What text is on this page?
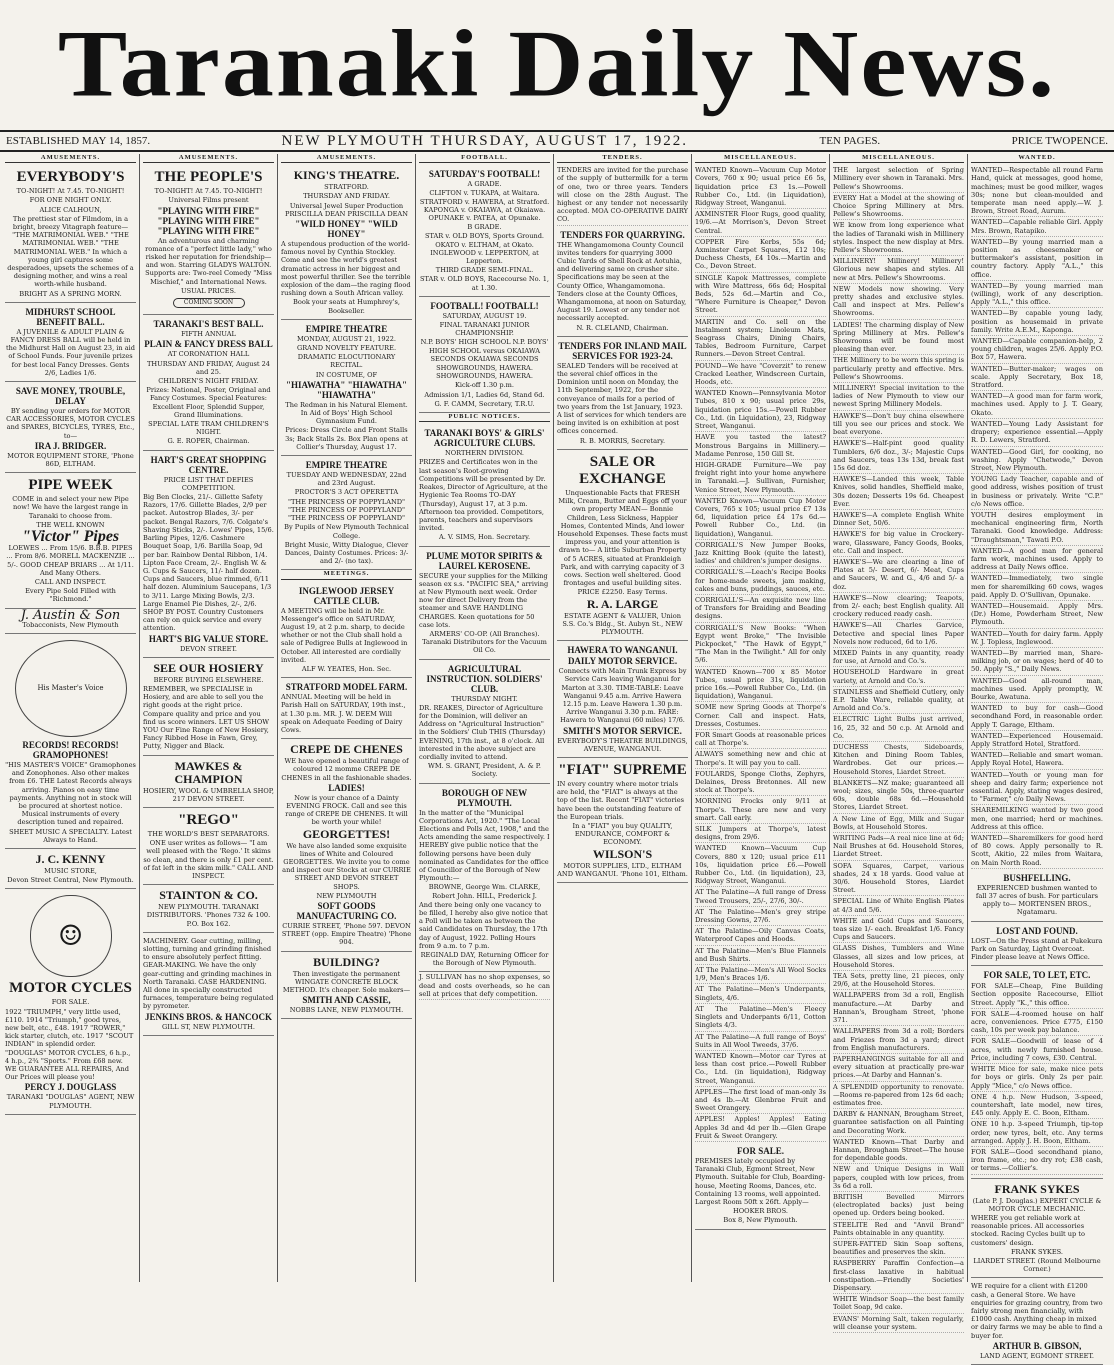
Taranaki Daily News.
ESTABLISHED MAY 14, 1857.	NEW PLYMOUTH THURSDAY, AUGUST 17, 1922.	TEN PAGES.	PRICE TWOPENCE.
AMUSEMENTS.
EVERYBODY'S

TO-NIGHT! At 7.45. TO-NIGHT!

FOR ONE NIGHT ONLY.

ALICE CALHOUN,

The prettiest star of Filmdom, in a bright, breezy Vitagraph feature— "THE MATRIMONIAL WEB." "THE MATRIMONIAL WEB." "THE MATRIMONIAL WEB." In which a young girl captures some desperadoes, upsets the schemes of a designing mother, and wins a real worth-while husband.

BRIGHT AS A SPRING MORN.

MIDHURST SCHOOL BENEFIT BALL.

A JUVENILE & ADULT PLAIN & FANCY DRESS BALL will be held in the Midhurst Hall on August 23, in aid of School Funds. Four juvenile prizes for best local Fancy Dresses. Gents 2/6, Ladies 1/6.

SAVE MONEY, TROUBLE, DELAY

BY sending your orders for MOTOR CAR ACCESSORIES, MOTOR CYCLES and SPARES, BICYCLES, TYRES, Etc., to—

IRA J. BRIDGER.

MOTOR EQUIPMENT STORE, 'Phone 86D, ELTHAM.

PIPE WEEK

COME in and select your new Pipe now! We have the largest range in Taranaki to choose from.

THE WELL KNOWN

"Victor" Pipes

LOEWES ... From 15/6. B.B.B. PIPES ... From 8/6. MORELL MACKENZIE ... 5/-. GOOD CHEAP BRIARS ... At 1/11. And Many Others.

CALL AND INSPECT.

Every Pipe Sold Filled with "Richmond."

J. Austin & Son

Tobacconists, New Plymouth

His Master's Voice
RECORDS! RECORDS! GRAMOPHONES!

"HIS MASTER'S VOICE" Gramophones and Zonophones. Also other makes from £6. THE Latest Records always arriving. Pianos on easy time payments. Anything not in stock will be procured at shortest notice. Musical instruments of every description tuned and repaired.

SHEET MUSIC A SPECIALTY. Latest Always to Hand.

J. C. KENNY

MUSIC STORE,

Devon Street Central, New Plymouth.

☺
MOTOR CYCLES

FOR SALE.

1922 "TRIUMPH," very little used, £110. 1914 "Triumph," good tyres, new belt, etc., £48. 1917 "ROWER," kick starter, clutch, etc. 1917 "SCOUT INDIAN" in splendid order. "DOUGLAS" MOTOR CYCLES, 6 h.p., 4 h.p., 2¾ "Sports." From £68 new. WE GUARANTEE ALL REPAIRS, And Our Prices will please you!

PERCY J. DOUGLASS

TARANAKI "DOUGLAS" AGENT, NEW PLYMOUTH.

AMUSEMENTS.
THE PEOPLE'S

TO-NIGHT! At 7.45. TO-NIGHT!

Universal Films present

"PLAYING WITH FIRE" "PLAYING WITH FIRE" "PLAYING WITH FIRE"

An adventurous and charming romance of a "perfect little lady," who risked her reputation for friendship—and won. Starring GLADYS WALTON. Supports are: Two-reel Comedy "Miss Mischief," and International News.

USUAL PRICES.

COMING SOON
TARANAKI'S BEST BALL.

FIFTH ANNUAL

PLAIN & FANCY DRESS BALL

AT CORONATION HALL

THURSDAY AND FRIDAY, August 24 and 25.

CHILDREN'S NIGHT FRIDAY.

Prizes: National, Poster, Original and Fancy Costumes. Special Features: Excellent Floor, Splendid Supper, Grand Illuminations.

SPECIAL LATE TRAM CHILDREN'S NIGHT.

G. E. ROPER, Chairman.

HART'S GREAT SHOPPING CENTRE.

PRICE LIST THAT DEFIES COMPETITION.

Big Ben Clocks, 21/-. Gillette Safety Razors, 17/6. Gillette Blades, 2/9 per packet. Autostrop Blades, 3/- per packet. Bengal Razors, 7/6. Colgate's Shaving Sticks, 2/-. Lowes' Pipes, 15/6. Barling Pipes, 12/6. Cashmere Bouquet Soap, 1/6. Barilla Soap, 9d per bar. Rainbow Dental Ribbon, 1/4. Lipton Face Cream, 2/-. English W. & G. Cups & Saucers, 11/- half dozen. Cups and Saucers, blue rimmed, 6/11 half dozen. Aluminium Saucepans, 1/3 to 3/11. Large Mixing Bowls, 2/3. Large Enamel Pie Dishes, 2/-, 2/6. SHOP BY POST. Country Customers can rely on quick service and every attention.

HART'S BIG VALUE STORE.

DEVON STREET.

SEE OUR HOSIERY

BEFORE BUYING ELSEWHERE.

REMEMBER, we SPECIALISE in Hosiery, and are able to sell you the right goods at the right price. Compare quality and price and you find us score winners. LET US SHOW YOU Our Fine Range of New Hosiery, Fancy Ribbed Hose in Fawn, Grey, Putty, Nigger and Black.

MAWKES & CHAMPION

HOSIERY, WOOL & UMBRELLA SHOP, 217 DEVON STREET.

"REGO"

THE WORLD'S BEST SEPARATORS.

ONE user writes as follows— "I am well pleased with the 'Rego.' It skims so clean, and there is only £1 per cent. of fat left in the skim milk." CALL AND INSPECT.

STAINTON & CO.

NEW PLYMOUTH. TARANAKI DISTRIBUTORS. 'Phones 732 & 100. P.O. Box 162.

MACHINERY. Gear cutting, milling, slotting, turning and grinding finished to ensure absolutely perfect fitting. GEAR-MAKING. We have the only gear-cutting and grinding machines in North Taranaki. CASE HARDENING. All done in specially constructed furnaces, temperature being regulated by pyrometer.

JENKINS BROS. & HANCOCK

GILL ST, NEW PLYMOUTH.

AMUSEMENTS.
KING'S THEATRE.

STRATFORD.

THURSDAY AND FRIDAY.

Universal Jewel Super Production PRISCILLA DEAN PRISCILLA DEAN

"WILD HONEY" "WILD HONEY"

A stupendous production of the world-famous novel by Cynthia Stockley. Come and see the world's greatest dramatic actress in her biggest and most powerful thriller. See the terrible explosion of the dam—the raging flood rushing down a South African valley.

Book your seats at Humphrey's, Bookseller.

EMPIRE THEATRE

MONDAY, AUGUST 21, 1922.

GRAND NOVELTY FEATURE.

DRAMATIC ELOCUTIONARY RECITAL.

IN COSTUME, OF

"HIAWATHA" "HIAWATHA" "HIAWATHA"

The Redman in his Natural Element. In Aid of Boys' High School Gymnasium Fund.

Prices: Dress Circle and Front Stalls 3s; Back Stalls 2s. Box Plan opens at Collier's Thursday, August 17.

EMPIRE THEATRE

TUESDAY AND WEDNESDAY, 22nd and 23rd August.

PROCTOR'S 3 ACT OPERETTA

"THE PRINCESS OF POPPYLAND" "THE PRINCESS OF POPPYLAND" "THE PRINCESS OF POPPYLAND"

By Pupils of New Plymouth Technical College.

Bright Music, Witty Dialogue, Clever Dances, Dainty Costumes. Prices: 3/- and 2/- (no tax).

MEETINGS.
INGLEWOOD JERSEY CATTLE CLUB.

A MEETING will be held in Mr. Messenger's office on SATURDAY, August 19, at 2 p.m. sharp, to decide whether or not the Club shall hold a sale of Pedigree Bulls at Inglewood in October. All interested are cordially invited.

ALF W. YEATES, Hon. Sec.

STRATFORD MODEL FARM.

ANNUAL Meeting will be held in Parish Hall on SATURDAY, 19th inst., at 1.30 p.m. MR. J. W. DEEM Will speak on Adequate Feeding of Dairy Cows.

CREPE DE CHENES

WE have opened a beautiful range of coloured 12 momme CREPE DE CHENES in all the fashionable shades.

LADIES!

Now is your chance of a Dainty EVENING FROCK. Call and see this range of CREPE DE CHENES. It will be worth your while!

GEORGETTES!

We have also landed some exquisite lines of White and Coloured GEORGETTES. We invite you to come and inspect our Stocks at our CURRIE STREET AND DEVON STREET SHOPS.

NEW PLYMOUTH

SOFT GOODS MANUFACTURING CO.

CURRIE STREET, 'Phone 597. DEVON STREET (opp. Empire Theatre) 'Phone 904.

BUILDING?

Then investigate the permanent WINGATE CONCRETE BLOCK METHOD. It's cheaper. Sole makers—

SMITH AND CASSIE,

NOBBS LANE, NEW PLYMOUTH.

FOOTBALL.
SATURDAY'S FOOTBALL!

A GRADE.

CLIFTON v. TUKAPA, at Waitara. STRATFORD v. HAWERA, at Stratford. KAPONGA v. OKAIAWA, at Okaiawa. OPUNAKE v. PATEA, at Opunake.

B GRADE.

STAR v. OLD BOYS, Sports Ground. OKATO v. ELTHAM, at Okato. INGLEWOOD v. LEPPERTON, at Lepperton.

THIRD GRADE SEMI-FINAL.

STAR v. OLD BOYS, Racecourse No. 1, at 1.30.

FOOTBALL! FOOTBALL!

SATURDAY, AUGUST 19.

FINAL TARANAKI JUNIOR CHAMPIONSHIP.

N.P. BOYS' HIGH SCHOOL N.P. BOYS' HIGH SCHOOL versus OKAIAWA SECONDS OKAIAWA SECONDS

SHOWGROUNDS, HAWERA. SHOWGROUNDS, HAWERA.

Kick-off 1.30 p.m.

Admission 1/1, Ladies 6d, Stand 6d.

G. F. CAMM, Secretary, T.R.U.

PUBLIC NOTICES.
TARANAKI BOYS' & GIRLS' AGRICULTURE CLUBS.

NORTHERN DIVISION.

PRIZES and Certificates won in the last season's Root-growing Competitions will be presented by Dr. Reakes, Director of Agriculture, at the Hygienic Tea Rooms TO-DAY (Thursday), August 17, at 3 p.m. Afternoon tea provided. Competitors, parents, teachers and supervisors invited.

A. V. SIMS, Hon. Secretary.

PLUME MOTOR SPIRITS & LAUREL KEROSENE.

SECURE your supplies for the Milking season ex s.s. "PACIFIC SEA," arriving at New Plymouth next week. Order now for direct Delivery from the steamer and SAVE HANDLING CHARGES. Keen quotations for 50 case lots.

ARMERS' CO-OP. (All Branches). Taranaki Distributors for the Vacuum Oil Co.

AGRICULTURAL INSTRUCTION. SOLDIERS' CLUB.

THURSDAY NIGHT.

DR. REAKES, Director of Agriculture for the Dominion, will deliver an Address on "Agricultural Instruction" in the Soldiers' Club THIS (Thursday) EVENING, 17th inst., at 8 o'clock. All interested in the above subject are cordially invited to attend.

WM. S. GRANT, President, A. & P. Society.

BOROUGH OF NEW PLYMOUTH.

In the matter of the "Municipal Corporations Act, 1920." "The Local Elections and Polls Act, 1908," and the Acts amending the same respectively. I HEREBY give public notice that the following persons have been duly nominated as Candidates for the office of Councillor of the Borough of New Plymouth:—

BROWNE, George Wm. CLARKE, Robert John. HILL, Frederick J.

And there being only one vacancy to be filled, I hereby also give notice that a Poll will be taken as between the said Candidates on Thursday, the 17th day of August, 1922. Polling Hours from 9 a.m. to 7 p.m.

REGINALD DAY, Returning Officer for the Borough of New Plymouth.

J. SULLIVAN has no shop expenses, so dead and costs overheads, so he can sell at prices that defy competition.
TENDERS.
TENDERS are invited for the purchase of the supply of buttermilk for a term of one, two or three years. Tenders will close on the 28th August. The highest or any tender not necessarily accepted. MOA CO-OPERATIVE DAIRY CO.
TENDERS FOR QUARRYING.

THE Whangamomona County Council invites tenders for quarrying 3000 Cubic Yards of Shell Rock at Aotuhia, and delivering same on crusher site. Specifications may be seen at the County Office, Whangamomona. Tenders close at the County Offices, Whangamomona, at noon on Saturday, August 19. Lowest or any tender not necessarily accepted.

N. R. CLELAND, Chairman.

TENDERS FOR INLAND MAIL SERVICES FOR 1923-24.

SEALED Tenders will be received at the several chief offices in the Dominion until noon on Monday, the 11th September, 1922, for the conveyance of mails for a period of two years from the 1st January, 1923. A list of services for which tenders are being invited is on exhibition at post offices concerned.

R. B. MORRIS, Secretary.

SALE OR EXCHANGE

Unquestionable Facts that FRESH Milk, Cream, Butter and Eggs off your own property MEAN— Bonnie Children, Less Sickness, Happier Homes, Contented Minds, And lower Household Expenses. These facts must impress you, and your attention is drawn to— A little Suburban Property of 5 ACRES, situated at Frankleigh Park, and with carrying capacity of 3 cows. Section well sheltered. Good frontages and useful building sites.

PRICE £2250. Easy Terms.

R. A. LARGE

ESTATE AGENT & VALUER, Union S.S. Co.'s Bldg., St. Aubyn St., NEW PLYMOUTH.

HAWERA TO WANGANUI.
DAILY MOTOR SERVICE.

Connects with Main Trunk Express by Service Cars leaving Wanganui for Marton at 3.30. TIME-TABLE: Leave Wanganui 9.45 a.m. Arrive Hawera 12.15 p.m. Leave Hawera 1.30 p.m. Arrive Wanganui 3.30 p.m. FARE: Hawera to Wanganui (60 miles) 17/6.

SMITH'S MOTOR SERVICE.

EVERYBODY'S THEATRE BUILDINGS, AVENUE, WANGANUI.

"FIAT" SUPREME

IN every country where motor trials are held, the "FIAT" is always at the top of the list. Recent "FIAT" victories have been the outstanding feature of the European trials.

In a "FIAT" you buy QUALITY, ENDURANCE, COMFORT & ECONOMY.

WILSON'S

MOTOR SUPPLIES, LTD., ELTHAM AND WANGANUI. 'Phone 101, Eltham.

MISCELLANEOUS.
WANTED Known—Vacuum Cup Motor Covers, 760 x 90; usual price £6 5s, liquidation price £3 1s.—Powell Rubber Co., Ltd. (in Liquidation), Ridgway Street, Wanganui.
AXMINSTER Floor Rugs, good quality, 19/6.—At Morrison's, Devon Street Central.
COPPER Fire Kerbs, 55s 6d; Axminster Carpet Squares, £12 10s; Duchess Chests, £4 10s.—Martin and Co., Devon Street.
SINGLE Kapok Mattresses, complete with Wire Mattress, 66s 6d; Hospital Beds, 52s 6d.—Martin and Co., "Where Furniture is Cheaper," Devon Street.
MARTIN and Co. sell on the Instalment system; Linoleum Mats, Seagrass Chairs, Dining Chairs, Tables, Bedroom Furniture, Carpet Runners.—Devon Street Central.
POUND—We have "Coverzit" to renew Cracked Leather, Windscreen Curtain, Hoods, etc.
WANTED Known—Pennsylvania Motor Tubes, 810 x 90; usual price 29s, liquidation price 15s.—Powell Rubber Co., Ltd. (in Liquidation), 23, Ridgway Street, Wanganui.
HAVE you tasted the latest? Monstrous Bargains in Millinery.—Madame Penrose, 150 Gill St.
HIGH-GRADE Furniture—We pay freight right into your home anywhere in Taranaki.—J. Sullivan, Furnisher, Venice Street, New Plymouth.
WANTED Known—Vacuum Cup Motor Covers, 765 x 105; usual price £7 13s 6d, liquidation price £4 17s 6d.—Powell Rubber Co., Ltd. (in liquidation), Wanganui.
CORRIGALL'S New Jumper Books, Jazz Knitting Book (quite the latest), ladies' and children's jumper designs.
CORRIGALL'S.—Leach's Recipe Books for home-made sweets, jam making, cakes and buns, puddings, sauces, etc.
CORRIGALL'S—An exquisite new line of Transfers for Braiding and Beading designs.
CORRIGALL'S New Books: "When Egypt went Broke," "The Invisible Pickpocket," "The Hawk of Egypt," "The Man in the Twilight." All for only 5/6.
WANTED Known—700 x 85 Motor Tubes, usual price 31s, liquidation price 16s.—Powell Rubber Co., Ltd. (in liquidation), Wanganui.
SOME new Spring Goods at Thorpe's Corner. Call and inspect. Hats, Dresses, Costumes.
FOR Smart Goods at reasonable prices call at Thorpe's.
ALWAYS something new and chic at Thorpe's. It will pay you to call.
FOULARDS, Sponge Cloths, Zephyrs, Delaines, Dress Bretonnes. All new stock at Thorpe's.
MORNING Frocks only 9/11 at Thorpe's. These are new and very smart. Call early.
SILK Jumpers at Thorpe's, latest designs, from 29/6.
WANTED Known—Vacuum Cup Covers, 880 x 120; usual price £11 10s, liquidation price £6.—Powell Rubber Co., Ltd. (in liquidation), 23, Ridgway Street, Wanganui.
AT The Palatine—A full range of Dress Tweed Trousers, 25/-, 27/6, 30/-.
AT The Palatine—Men's grey stripe Dressing Gowns, 27/6.
AT The Palatine—Oily Canvas Coats, Waterproof Capes and Hoods.
AT The Palatine—Men's Blue Flannels and Bush Shirts.
AT The Palatine—Men's All Wool Socks 1/9, Men's Braces 1/6.
AT The Palatine—Men's Underpants, Singlets, 4/6.
AT The Palatine—Men's Fleecy Singlets and Underpants 6/11, Cotton Singlets 4/3.
AT The Palatine—A full range of Boys' Suits in All Wool Tweeds, 37/6.
WANTED Known—Motor car Tyres at less than cost price.—Powell Rubber Co., Ltd. (in liquidation), Ridgway Street, Wanganui.
APPLES—The first load of man-only 3s and 4s lb.—At Glenbrae Fruit and Sweet Orangery.
APPLES! Apples! Apples! Eating Apples 3d and 4d per lb.—Glen Grape Fruit & Sweet Orangery.
FOR SALE.

PREMISES lately occupied by Taranaki Club, Egmont Street, New Plymouth. Suitable for Club, Boarding-house, Meeting Rooms, Dances, etc. Containing 13 rooms, well appointed. Largest Room 50ft x 26ft. Apply—

HOOKER BROS.

Box 8, New Plymouth.

MISCELLANEOUS.
THE largest selection of Spring Millinery ever shown in Taranaki. Mrs. Pellew's Showrooms.
EVERY Hat a Model at the showing of Choice Spring Millinery at Mrs. Pellew's Showrooms.
WE know from long experience what the ladies of Taranaki wish in Millinery styles. Inspect the new display at Mrs. Pellew's Showrooms.
MILLINERY! Millinery! Millinery! Glorious new shapes and styles. All new at Mrs. Pellew's Showrooms.
NEW Models now showing. Very pretty shades and exclusive styles. Call and inspect at Mrs. Pellew's Showrooms.
LADIES! The charming display of New Spring Millinery at Mrs. Pellew's Showrooms will be found most pleasing than ever.
THE Millinery to be worn this spring is particularly pretty and effective. Mrs. Pellew's Showrooms.
MILLINERY! Special invitation to the ladies of New Plymouth to view our newest Spring Millinery Models.
HAWKE'S—Don't buy china elsewhere till you see our prices and stock. We beat everyone.
HAWKE'S—Half-pint good quality Tumblers, 6/6 doz., 3/-; Majestic Cups and Saucers, teas 13s 13d, break fast 15s 6d doz.
HAWKE'S—Landed this week, Table Knives, solid handles, Sheffield make, 30s dozen; Desserts 19s 6d. Cheapest Ever.
HAWKE'S—A complete English White Dinner Set, 50/6.
HAWKE'S for big value in Crockery-ware, Glassware, Fancy Goods, Books, etc. Call and inspect.
HAWKE'S—We are clearing a line of Plates at 5/- Desert, 6/- Meat, Cups and Saucers, W. and G., 4/6 and 5/- a doz.
HAWKE'S—Now clearing; Teapots, from 2/- each; best English quality. All crockery reduced ready cash.
HAWKE'S—All Charles Garvice, Detective and special lines Paper Novels now reduced, 6d to 1/6.
MIXED Paints in any quantity, ready for use, at Arnold and Co.'s.
HOUSEHOLD Hardware in great variety, at Arnold and Co.'s.
STAINLESS and Sheffield Cutlery, only E.P. Table Ware, reliable quality, at Arnold and Co.'s.
ELECTRIC Light Bulbs just arrived, 16, 25, 32 and 50 c.p. At Arnold and Co.
DUCHESS Chests, Sideboards, Kitchen and Dining Room Tables, Wardrobes. Get our prices.—Household Stores, Liardet Street.
BLANKETS—NZ make; guaranteed all wool; sizes, single 50s, three-quarter 60s, double 68s 6d.—Household Stores, Liardet Street.
A New Line of Egg, Milk and Sugar Bowls, at Household Stores.
WRITING Pads—A real nice line at 6d; Nail Brushes at 6d. Household Stores, Liardet Street.
SOFA Squares, Carpet, various shades, 24 x 18 yards. Good value at 30/6. Household Stores, Liardet Street.
SPECIAL Line of White English Plates at 4/3 and 5/6.
WHITE and Gold Cups and Saucers, teas size 1/- each. Breakfast 1/6. Fancy Cups and Saucers.
GLASS Dishes, Tumblers and Wine Glasses, all sizes and low prices, at Household Stores.
TEA Sets, pretty line, 21 pieces, only 29/6, at the Household Stores.
WALLPAPERS from 3d a roll, English manufacture.—At Darby and Hannan's, Brougham Street, 'phone 371.
WALLPAPERS from 3d a roll; Borders and Friezes from 3d a yard; direct from English manufacturers.
PAPERHANGINGS suitable for all and every situation at practically pre-war prices.—At Darby and Hannan's.
A SPLENDID opportunity to renovate.—Rooms re-papered from 12s 6d each; estimates free.
DARBY & HANNAN, Brougham Street, guarantee satisfaction on all Painting and Decorating Work.
WANTED Known—That Darby and Hannan, Brougham Street—The house for dependable goods.
NEW and Unique Designs in Wall papers, coupled with low prices, from 3s 6d a roll.
BRITISH Bevelled Mirrors (electroplated backs) just being opened up. Orders being booked.
STEELITE Red and "Anvil Brand" Paints obtainable in any quantity.
SUPER-FATTED Skin Soap softens, beautifies and preserves the skin.
RASPBERRY Paraffin Confection—a first-class laxative in habitual constipation.—Friendly Societies' Dispensary.
WHITE Windsor Soap—the best family Toilet Soap, 9d cake.
EVANS' Morning Salt, taken regularly, will cleanse your system.
WANTED.
WANTED—Respectable all round Farm Hand, quick at messages, good home, machines; must be good milker, wages 30s; none but clean-moulded and temperate man need apply.—W. J. Brown, Street Road, Aurum.
WANTED—Capable reliable Girl. Apply Mrs. Brown, Ratapiko.
WANTED—By young married man a position as cheesemaker or buttermaker's assistant, position in country factory. Apply "A.L.," this office.
WANTED—By young married man (willing), work of any description. Apply "A.L.," this office.
WANTED—By capable young lady, position as housemaid in private family. Write A.E.M., Kaponga.
WANTED—Capable companion-help, 2 young children, wages 25/6. Apply P.O. Box 57, Hawera.
WANTED—Butter-maker; wages on scale. Apply Secretary, Box 18, Stratford.
WANTED—A good man for farm work, machines used. Apply to J. T. Geary, Okato.
WANTED—Young Lady Assistant for drapery; experience essential.—Apply R. D. Lewers, Stratford.
WANTED—Good Girl, for cooking, no washing. Apply "Chetwode," Devon Street, New Plymouth.
YOUNG Lady Teacher, capable and of good address, wishes position of trust in business or privately. Write "C.P." c/o News office.
YOUTH desires employment in mechanical engineering firm, North Taranaki. Good knowledge. Address: "Draughtsman," Tawati P.O.
WANTED—A good man for general farm work, machines used. Apply to address at Daily News office.
WANTED—Immediately, two single men for sharemilking 60 cows, wages paid. Apply D. O'Sullivan, Opunake.
WANTED—Housemaid. Apply Mrs. (Dr.) Home, Powderham Street, New Plymouth.
WANTED—Youth for dairy farm. Apply W. J. Topless, Inglewood.
WANTED—By married man, Share-milking job, or on wages; herd of 40 to 50. Apply "S.," Daily News.
WANTED—Good all-round man, machines used. Apply promptly, W. Bourke, Awatuna.
WANTED to buy for cash—Good secondhand Ford, in reasonable order. Apply T. Garage, Eltham.
WANTED—Experienced Housemaid. Apply Stratford Hotel, Stratford.
WANTED—Reliable and smart woman. Apply Royal Hotel, Hawera.
WANTED—Youth or young man for sheep and dairy farm; experience not essential. Apply, stating wages desired, to "Farmer," c/o Daily News.
SHAREMILKING wanted by two good men, one married; herd or machines. Address at this office.
WANTED—Sharemilkers for good herd of 80 cows. Apply personally to R. Scott, Akitio, 22 miles from Waitara, on Main North Road.
BUSHFELLING.

EXPERIENCED bushmen wanted to fall 37 acres of bush. For particulars apply to— MORTENSEN BROS., Ngatamaru.

LOST AND FOUND.

LOST—On the Press stand at Pukekura Park on Saturday, Light Overcoat. Finder please leave at News Office.

FOR SALE, TO LET, ETC.
FOR SALE—Cheap, Fine Building Section opposite Racecourse, Elliot Street. Apply "K.," this office.
FOR SALE—4-roomed house on half acre, conveniences. Price £775, £150 cash, 10s per week pay balance.
FOR SALE—Goodwill of lease of 4 acres, with newly furnished house. Price, including 7 cows, £30. Central.
WHITE Mice for sale, make nice pets for boys or girls. Only 2s per pair. Apply "Mice," c/o News office.
ONE 4 h.p. New Hudson, 3-speed, countershaft, late model, new tires, £45 only. Apply E. C. Boon, Eltham.
ONE 10 h.p. 3-speed Triumph, tip-top order, new tyres, belt, etc. Any terms arranged. Apply J. H. Boon, Eltham.
FOR SALE—Good secondhand piano, iron frame, etc.; no dry rot; £38 cash, or terms.—Collier's.
FRANK SYKES

(Late P. J. Douglas.) EXPERT CYCLE & MOTOR CYCLE MECHANIC.

WHERE you get reliable work at reasonable prices. All accessories stocked. Racing Cycles built up to customers' design.

FRANK SYKES.

LIARDET STREET. (Round Melbourne Corner.)

WE require for a client with £1200 cash, a General Store. We have enquiries for grazing country, from two fairly strong men financially, with £1000 cash. Anything cheap in mixed or dairy farms we may be able to find a buyer for.

ARTHUR B. GIBSON,

LAND AGENT, EGMONT STREET.
